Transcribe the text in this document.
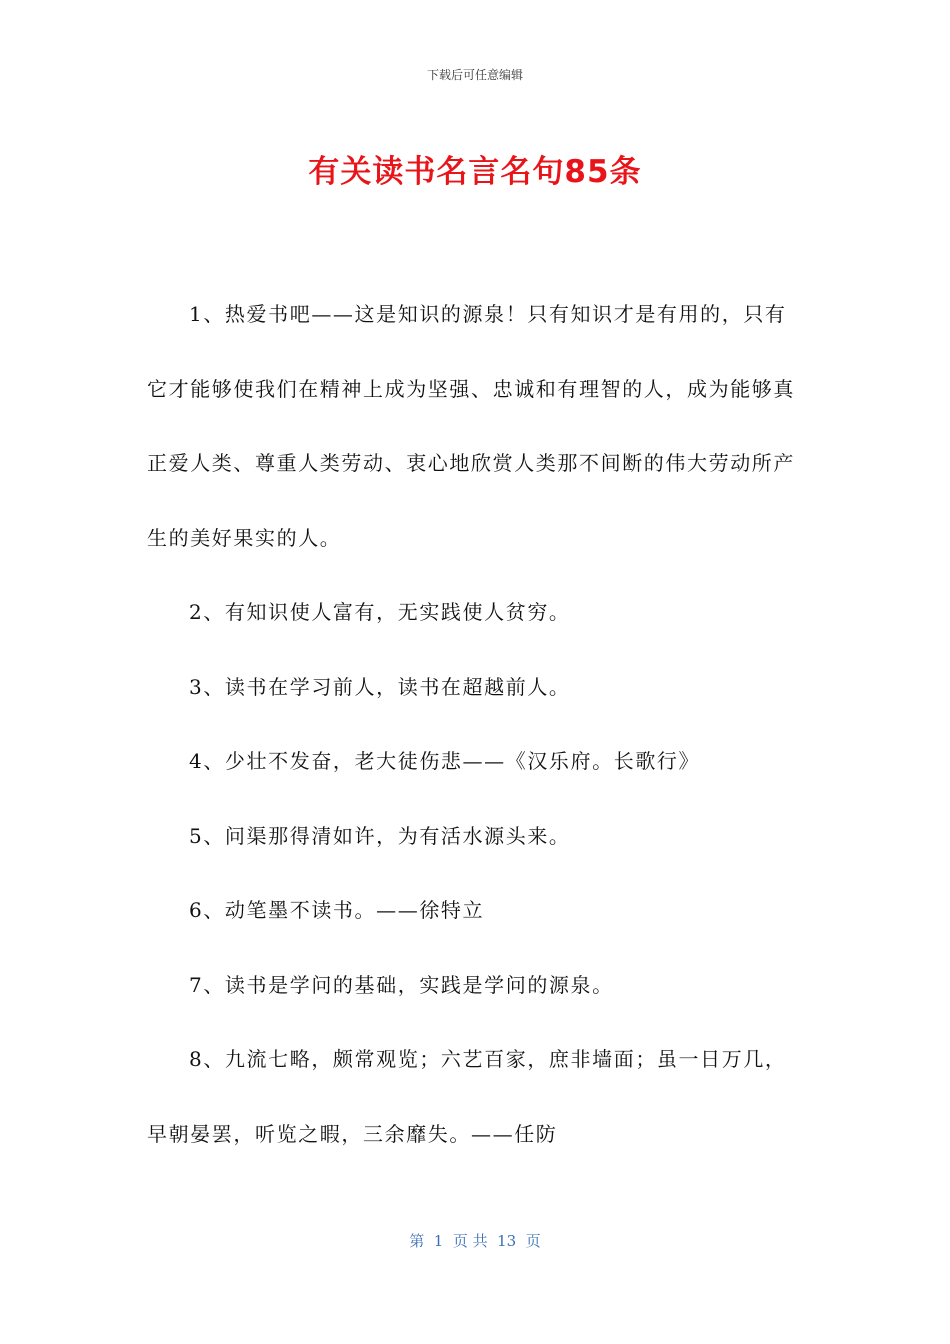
下载后可任意编辑
有关读书名言名句85条

1、热爱书吧——这是知识的源泉！只有知识才是有用的，只有它才能够使我们在精神上成为坚强、忠诚和有理智的人，成为能够真正爱人类、尊重人类劳动、衷心地欣赏人类那不间断的伟大劳动所产生的美好果实的人。

2、有知识使人富有，无实践使人贫穷。

3、读书在学习前人，读书在超越前人。

4、少壮不发奋，老大徒伤悲——《汉乐府。长歌行》

5、问渠那得清如许，为有活水源头来。

6、动笔墨不读书。——徐特立

7、读书是学问的基础，实践是学问的源泉。

8、九流七略，颇常观览；六艺百家，庶非墙面；虽一日万几，早朝晏罢，听览之暇，三余靡失。——任防

第  1  页 共  13  页
